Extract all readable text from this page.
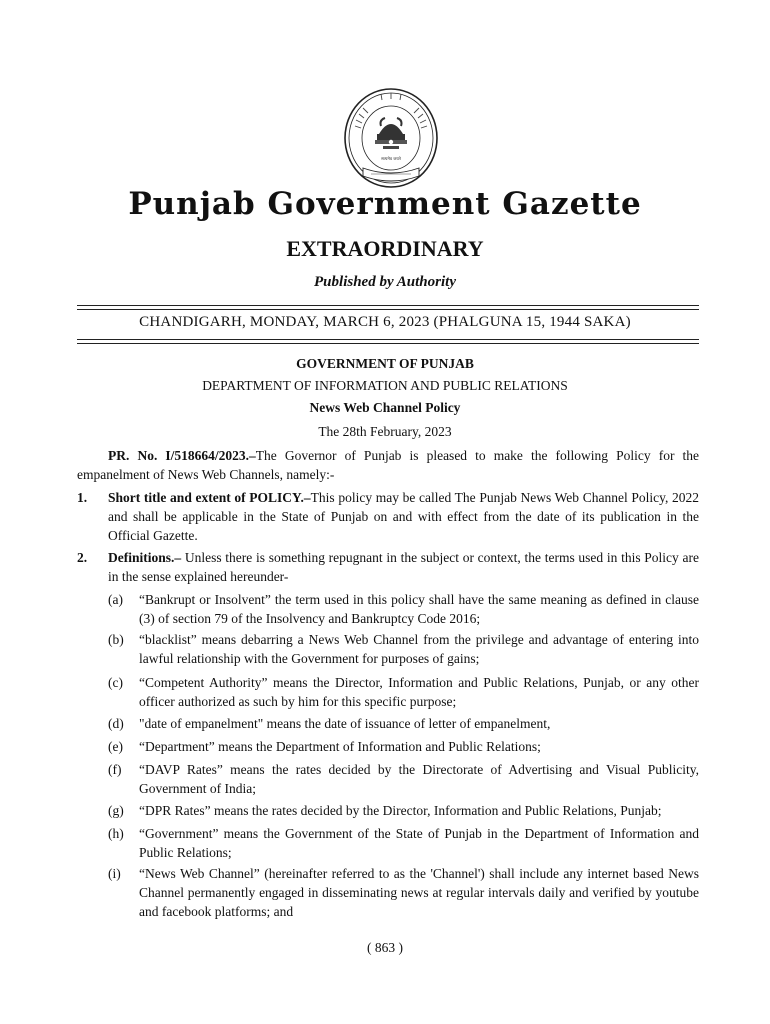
सत्यमेव जयते
Punjab Government Gazette
EXTRAORDINARY
Published by Authority
CHANDIGARH, MONDAY, MARCH 6, 2023 (PHALGUNA 15, 1944 SAKA)
GOVERNMENT OF PUNJAB
DEPARTMENT OF INFORMATION AND PUBLIC RELATIONS
News Web Channel Policy
The 28th February, 2023
PR. No. I/518664/2023.–The Governor of Punjab is pleased to make the following Policy for the empanelment of News Web Channels, namely:-
1. Short title and extent of POLICY.–This policy may be called The Punjab News Web Channel Policy, 2022 and shall be applicable in the State of Punjab on and with effect from the date of its publication in the Official Gazette.
2. Definitions.– Unless there is something repugnant in the subject or context, the terms used in this Policy are in the sense explained hereunder-
(a) “Bankrupt or Insolvent” the term used in this policy shall have the same meaning as defined in clause (3) of section 79 of the Insolvency and Bankruptcy Code 2016;
(b) “blacklist” means debarring a News Web Channel from the privilege and advantage of entering into lawful relationship with the Government for purposes of gains;
(c) “Competent Authority” means the Director, Information and Public Relations, Punjab, or any other officer authorized as such by him for this specific purpose;
(d) "date of empanelment" means the date of issuance of letter of empanelment,
(e) “Department” means the Department of Information and Public Relations;
(f) “DAVP Rates” means the rates decided by the Directorate of Advertising and Visual Publicity, Government of India;
(g) “DPR Rates” means the rates decided by the Director, Information and Public Relations, Punjab;
(h) “Government” means the Government of the State of Punjab in the Department of Information and Public Relations;
(i) “News Web Channel” (hereinafter referred to as the 'Channel') shall include any internet based News Channel permanently engaged in disseminating news at regular intervals daily and verified by youtube and facebook platforms; and
( 863 )
